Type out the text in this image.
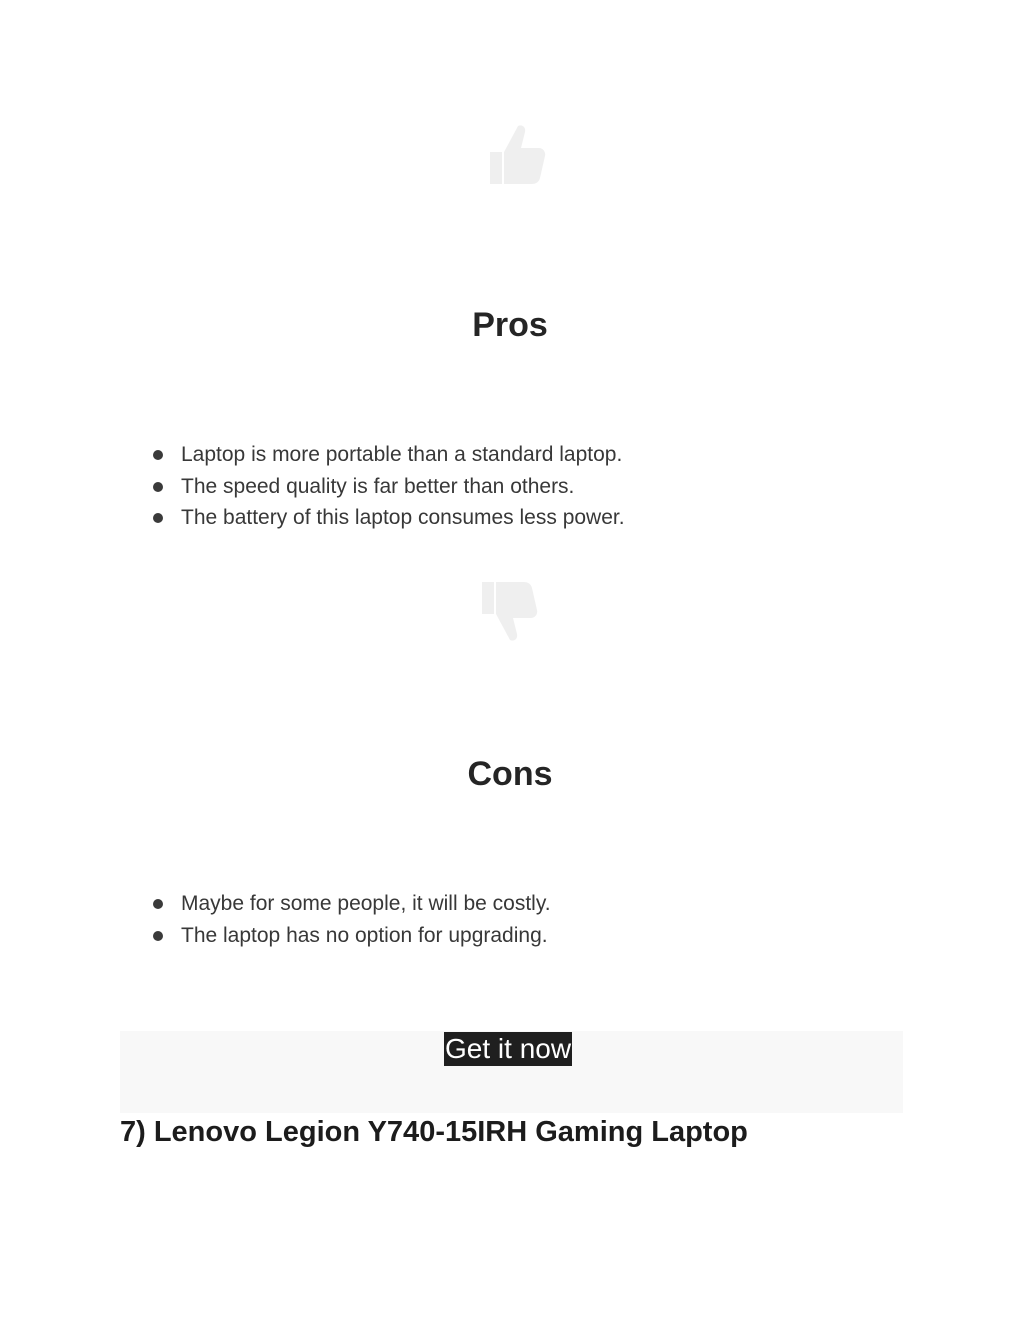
Pros
Laptop is more portable than a standard laptop.
The speed quality is far better than others.
The battery of this laptop consumes less power.
Cons
Maybe for some people, it will be costly.
The laptop has no option for upgrading.
Get it now
7) Lenovo Legion Y740-15IRH Gaming Laptop
